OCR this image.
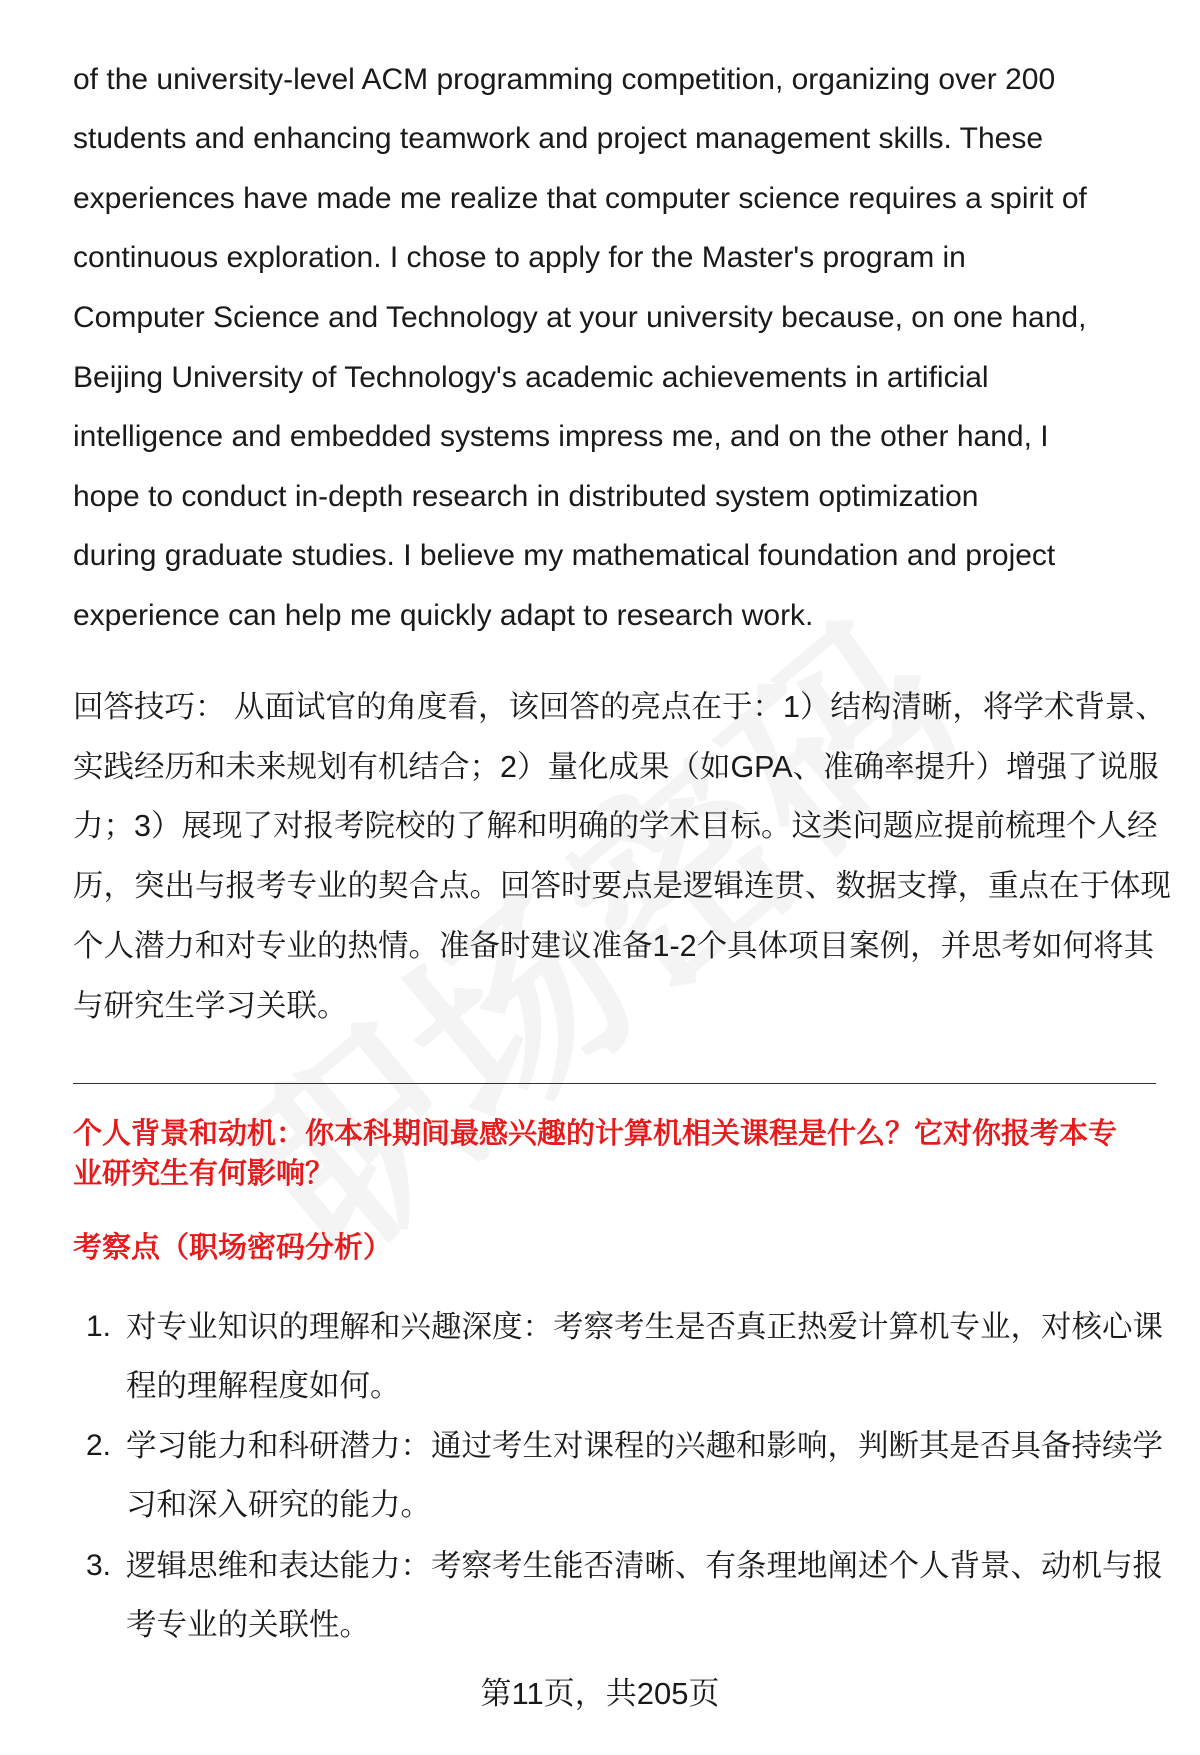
of the university-level ACM programming competition, organizing over 200
students and enhancing teamwork and project management skills. These
experiences have made me realize that computer science requires a spirit of
continuous exploration. I chose to apply for the Master's program in
Computer Science and Technology at your university because, on one hand,
Beijing University of Technology's academic achievements in artificial
intelligence and embedded systems impress me, and on the other hand, I
hope to conduct in-depth research in distributed system optimization
during graduate studies. I believe my mathematical foundation and project
experience can help me quickly adapt to research work.
回答技巧： 从面试官的角度看，该回答的亮点在于：1）结构清晰，将学术背景、
实践经历和未来规划有机结合；2）量化成果（如GPA、准确率提升）增强了说服
力；3）展现了对报考院校的了解和明确的学术目标。这类问题应提前梳理个人经
历，突出与报考专业的契合点。回答时要点是逻辑连贯、数据支撑，重点在于体现
个人潜力和对专业的热情。准备时建议准备1-2个具体项目案例，并思考如何将其
与研究生学习关联。
个人背景和动机：你本科期间最感兴趣的计算机相关课程是什么？它对你报考本专
业研究生有何影响？
考察点（职场密码分析）
1. 对专业知识的理解和兴趣深度：考察考生是否真正热爱计算机专业，对核心课
程的理解程度如何。
2. 学习能力和科研潜力：通过考生对课程的兴趣和影响，判断其是否具备持续学
习和深入研究的能力。
3. 逻辑思维和表达能力：考察考生能否清晰、有条理地阐述个人背景、动机与报
考专业的关联性。
第11页，共205页
